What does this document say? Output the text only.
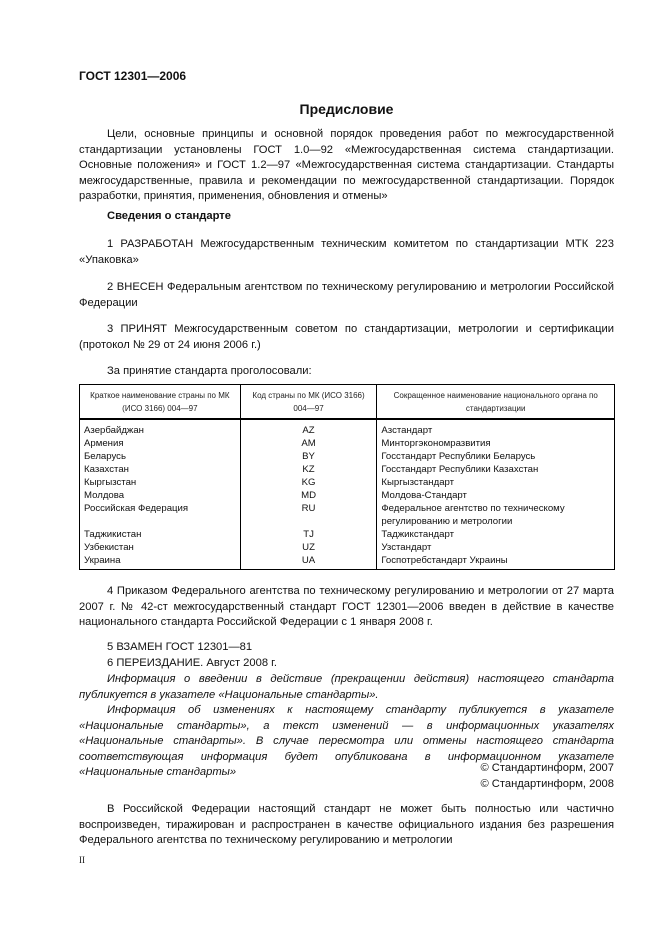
ГОСТ 12301—2006
Предисловие
Цели, основные принципы и основной порядок проведения работ по межгосударственной стандартизации установлены ГОСТ 1.0—92 «Межгосударственная система стандартизации. Основные положения» и ГОСТ 1.2—97 «Межгосударственная система стандартизации. Стандарты межгосударственные, правила и рекомендации по межгосударственной стандартизации. Порядок разработки, принятия, применения, обновления и отмены»
Сведения о стандарте
1 РАЗРАБОТАН Межгосударственным техническим комитетом по стандартизации МТК 223 «Упаковка»
2 ВНЕСЕН Федеральным агентством по техническому регулированию и метрологии Российской Федерации
3 ПРИНЯТ Межгосударственным советом по стандартизации, метрологии и сертификации (протокол № 29 от 24 июня 2006 г.)
За принятие стандарта проголосовали:
Краткое наименование страны по МК (ИСО 3166) 004—97	Код страны по МК (ИСО 3166) 004—97	Сокращенное наименование национального органа по стандартизации
Азербайджан	AZ	Азстандарт
Армения	AM	Минторгэкономразвития
Беларусь	BY	Госстандарт Республики Беларусь
Казахстан	KZ	Госстандарт Республики Казахстан
Кыргызстан	KG	Кыргызстандарт
Молдова	MD	Молдова-Стандарт
Российская Федерация	RU	Федеральное агентство по техническому регулированию и метрологии
Таджикистан	TJ	Таджикстандарт
Узбекистан	UZ	Узстандарт
Украина	UA	Госпотребстандарт Украины
4 Приказом Федерального агентства по техническому регулированию и метрологии от 27 марта 2007 г. № 42-ст межгосударственный стандарт ГОСТ 12301—2006 введен в действие в качестве национального стандарта Российской Федерации с 1 января 2008 г.
5 ВЗАМЕН ГОСТ 12301—81
6 ПЕРЕИЗДАНИЕ. Август 2008 г.
Информация о введении в действие (прекращении действия) настоящего стандарта публикуется в указателе «Национальные стандарты».
Информация об изменениях к настоящему стандарту публикуется в указателе «Национальные стандарты», а текст изменений — в информационных указателях «Национальные стандарты». В случае пересмотра или отмены настоящего стандарта соответствующая информация будет опубликована в информационном указателе «Национальные стандарты»	© Стандартинформ, 2007
© Стандартинформ, 2008
В Российской Федерации настоящий стандарт не может быть полностью или частично воспроизведен, тиражирован и распространен в качестве официального издания без разрешения Федерального агентства по техническому регулированию и метрологии
II
